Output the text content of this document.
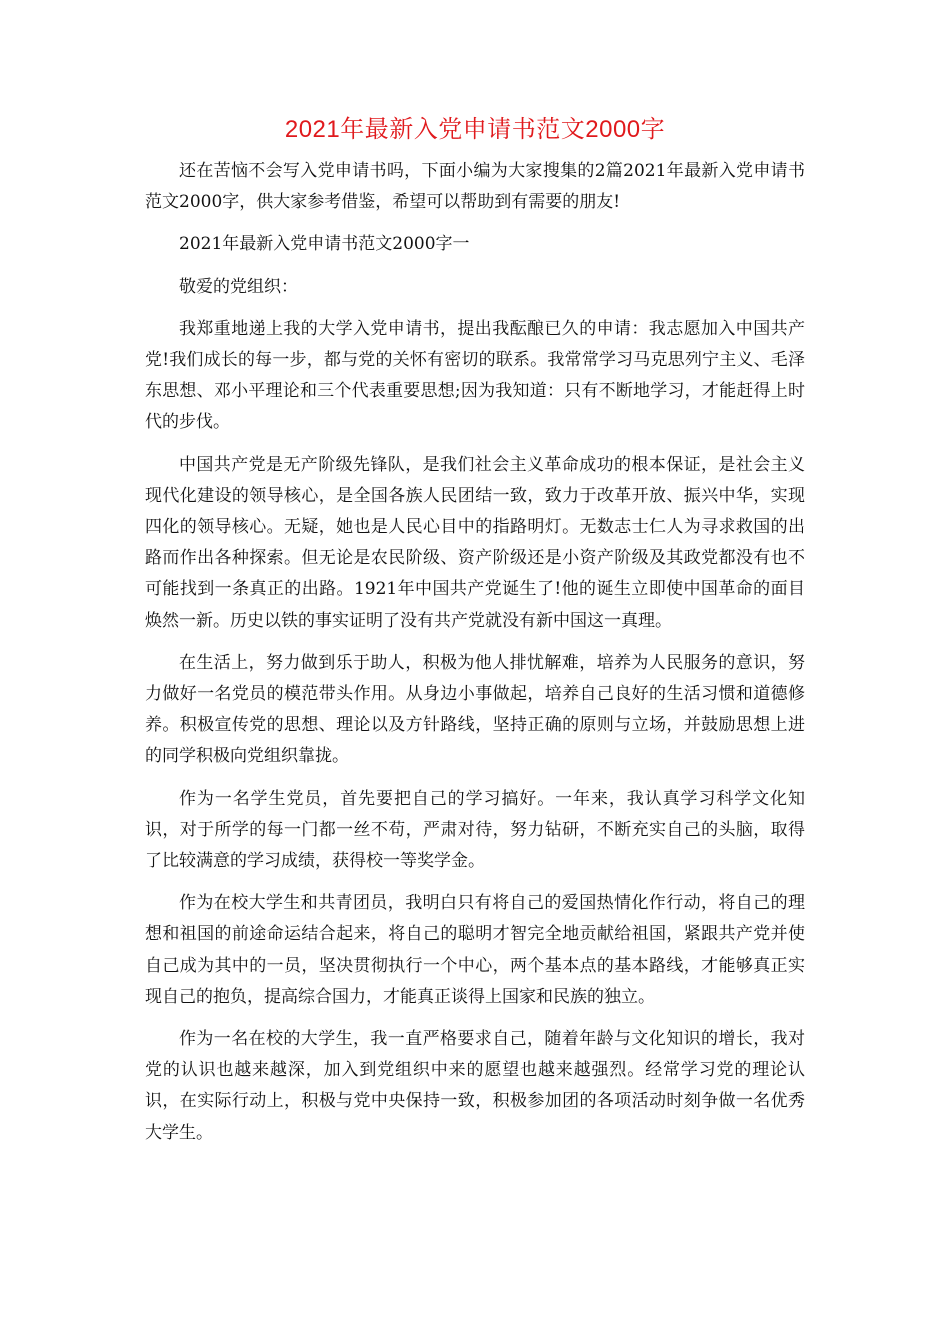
2021年最新入党申请书范文2000字

还在苦恼不会写入党申请书吗，下面小编为大家搜集的2篇2021年最新入党申请书范文2000字，供大家参考借鉴，希望可以帮助到有需要的朋友!

2021年最新入党申请书范文2000字一

敬爱的党组织：

我郑重地递上我的大学入党申请书，提出我酝酿已久的申请：我志愿加入中国共产党!我们成长的每一步，都与党的关怀有密切的联系。我常常学习马克思列宁主义、毛泽东思想、邓小平理论和三个代表重要思想;因为我知道：只有不断地学习，才能赶得上时代的步伐。

中国共产党是无产阶级先锋队，是我们社会主义革命成功的根本保证，是社会主义现代化建设的领导核心，是全国各族人民团结一致，致力于改革开放、振兴中华，实现四化的领导核心。无疑，她也是人民心目中的指路明灯。无数志士仁人为寻求救国的出路而作出各种探索。但无论是农民阶级、资产阶级还是小资产阶级及其政党都没有也不可能找到一条真正的出路。1921年中国共产党诞生了!他的诞生立即使中国革命的面目焕然一新。历史以铁的事实证明了没有共产党就没有新中国这一真理。

在生活上，努力做到乐于助人，积极为他人排忧解难，培养为人民服务的意识，努力做好一名党员的模范带头作用。从身边小事做起，培养自己良好的生活习惯和道德修养。积极宣传党的思想、理论以及方针路线，坚持正确的原则与立场，并鼓励思想上进的同学积极向党组织靠拢。

作为一名学生党员，首先要把自己的学习搞好。一年来，我认真学习科学文化知识，对于所学的每一门都一丝不苟，严肃对待，努力钻研，不断充实自己的头脑，取得了比较满意的学习成绩，获得校一等奖学金。

作为在校大学生和共青团员，我明白只有将自己的爱国热情化作行动，将自己的理想和祖国的前途命运结合起来，将自己的聪明才智完全地贡献给祖国，紧跟共产党并使自己成为其中的一员，坚决贯彻执行一个中心，两个基本点的基本路线，才能够真正实现自己的抱负，提高综合国力，才能真正谈得上国家和民族的独立。

作为一名在校的大学生，我一直严格要求自己，随着年龄与文化知识的增长，我对党的认识也越来越深，加入到党组织中来的愿望也越来越强烈。经常学习党的理论认识，在实际行动上，积极与党中央保持一致，积极参加团的各项活动时刻争做一名优秀大学生。
